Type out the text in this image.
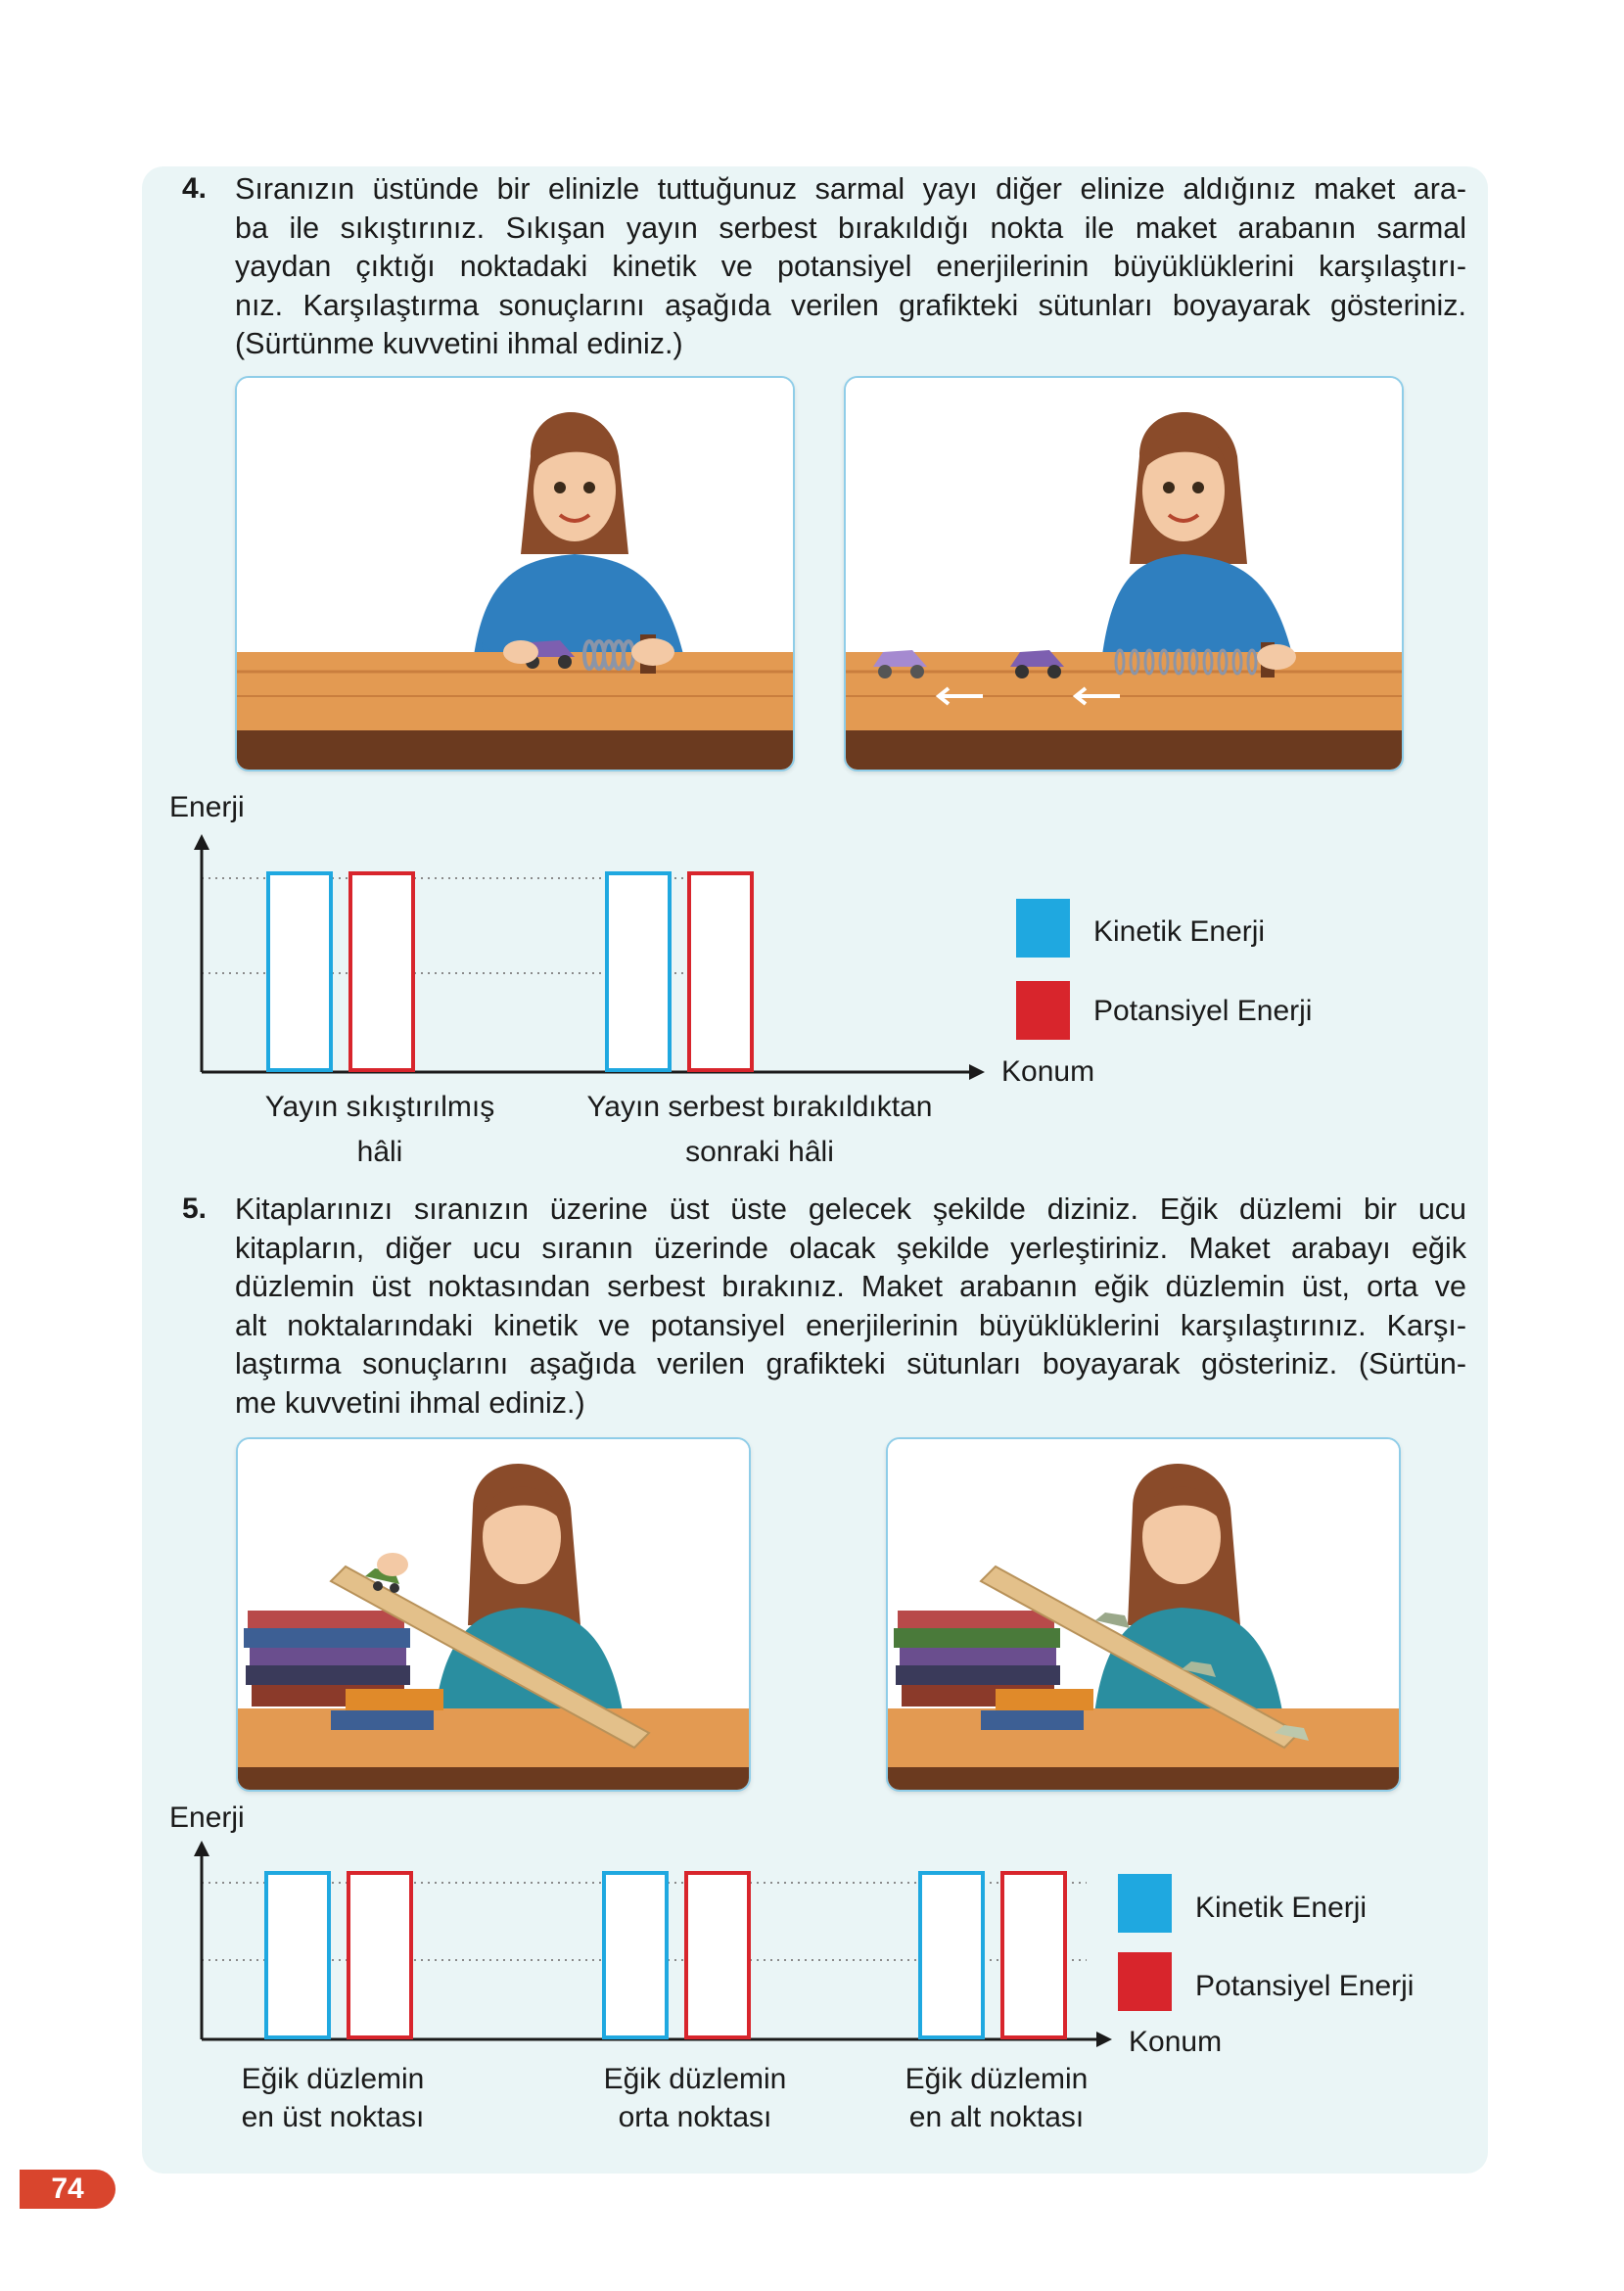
4. Sıranızın üstünde bir elinizle tuttuğunuz sarmal yayı diğer elinize aldığınız maket ara-
ba ile sıkıştırınız. Sıkışan yayın serbest bırakıldığı nokta ile maket arabanın sarmal
yaydan çıktığı noktadaki kinetik ve potansiyel enerjilerinin büyüklüklerini karşılaştırı-
nız. Karşılaştırma sonuçlarını aşağıda verilen grafikteki sütunları boyayarak gösteriniz.
(Sürtünme kuvvetini ihmal ediniz.)
Enerji
Konum
Yayın sıkıştırılmış
hâli
Yayın serbest bırakıldıktan
sonraki hâli
Kinetik Enerji
Potansiyel Enerji
5. Kitaplarınızı sıranızın üzerine üst üste gelecek şekilde diziniz. Eğik düzlemi bir ucu
kitapların, diğer ucu sıranın üzerinde olacak şekilde yerleştiriniz. Maket arabayı eğik
düzlemin üst noktasından serbest bırakınız. Maket arabanın eğik düzlemin üst, orta ve
alt noktalarındaki kinetik ve potansiyel enerjilerinin büyüklüklerini karşılaştırınız. Karşı-
laştırma sonuçlarını aşağıda verilen grafikteki sütunları boyayarak gösteriniz. (Sürtün-
me kuvvetini ihmal ediniz.)
Enerji
Konum
Eğik düzlemin
en üst noktası
Eğik düzlemin
orta noktası
Eğik düzlemin
en alt noktası
Kinetik Enerji
Potansiyel Enerji
74
